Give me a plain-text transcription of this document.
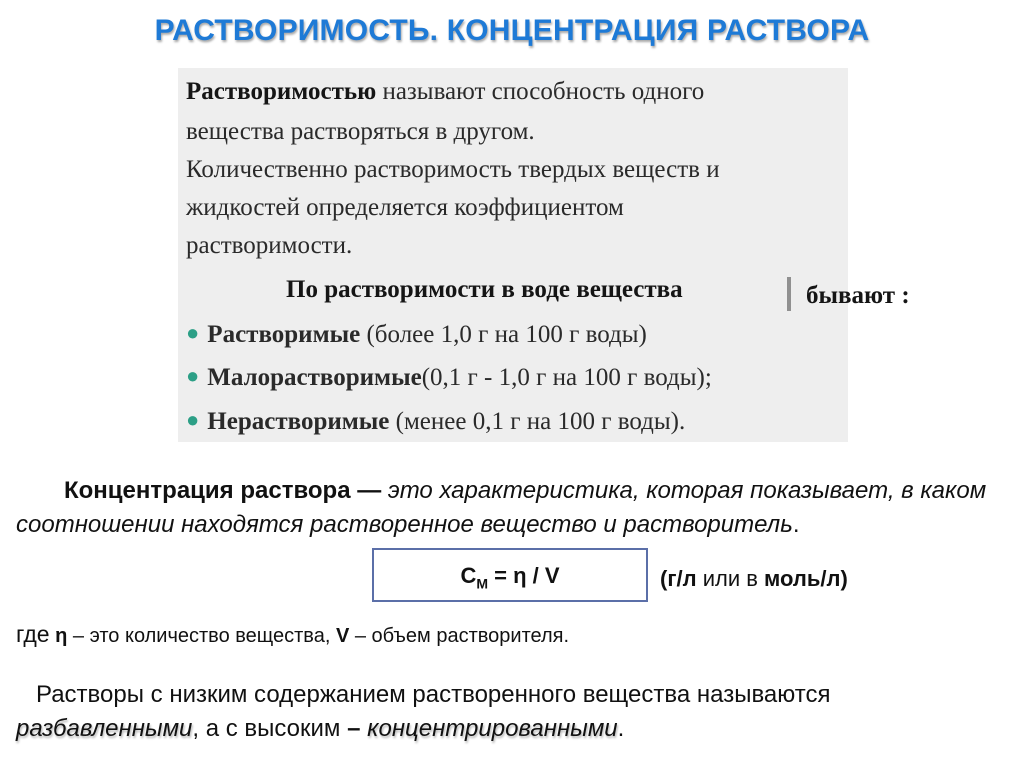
РАСТВОРИМОСТЬ. КОНЦЕНТРАЦИЯ РАСТВОРА
Растворимостью называют способность одного
вещества растворяться в другом.
Количественно растворимость твердых веществ и
жидкостей определяется коэффициентом
растворимости.
По растворимости в воде вещества
● Растворимые (более 1,0 г на 100 г воды)
● Малорастворимые(0,1 г - 1,0 г на 100 г воды);
● Нерастворимые (менее 0,1 г на 100 г воды).
бывают :
Концентрация раствора — это характеристика, которая показывает, в каком соотношении находятся растворенное вещество и растворитель.
$С_М = \eta / V$	(г/л или в моль/л)
где η – это количество вещества, V – объем растворителя.
Растворы с низким содержанием растворенного вещества называются разбавленными, а с высоким – концентрированными.
